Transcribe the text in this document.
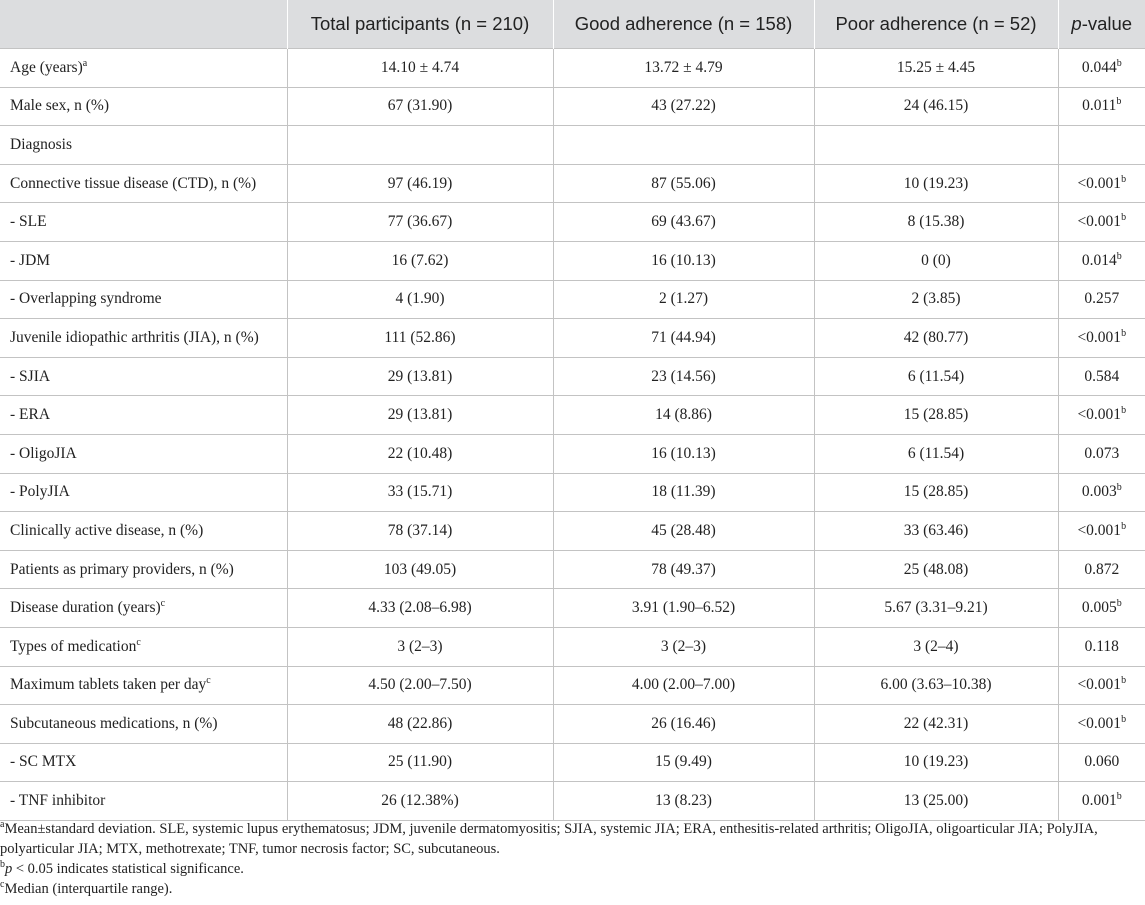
	Total participants (n = 210)	Good adherence (n = 158)	Poor adherence (n = 52)	p-value
Age (years)$^a$	14.10 ± 4.74	13.72 ± 4.79	15.25 ± 4.45	0.044$^b$
Male sex, n (%)	67 (31.90)	43 (27.22)	24 (46.15)	0.011$^b$
Diagnosis				
Connective tissue disease (CTD), n (%)	97 (46.19)	87 (55.06)	10 (19.23)	<0.001$^b$
- SLE	77 (36.67)	69 (43.67)	8 (15.38)	<0.001$^b$
- JDM	16 (7.62)	16 (10.13)	0 (0)	0.014$^b$
- Overlapping syndrome	4 (1.90)	2 (1.27)	2 (3.85)	0.257
Juvenile idiopathic arthritis (JIA), n (%)	111 (52.86)	71 (44.94)	42 (80.77)	<0.001$^b$
- SJIA	29 (13.81)	23 (14.56)	6 (11.54)	0.584
- ERA	29 (13.81)	14 (8.86)	15 (28.85)	<0.001$^b$
- OligoJIA	22 (10.48)	16 (10.13)	6 (11.54)	0.073
- PolyJIA	33 (15.71)	18 (11.39)	15 (28.85)	0.003$^b$
Clinically active disease, n (%)	78 (37.14)	45 (28.48)	33 (63.46)	<0.001$^b$
Patients as primary providers, n (%)	103 (49.05)	78 (49.37)	25 (48.08)	0.872
Disease duration (years)$^c$	4.33 (2.08–6.98)	3.91 (1.90–6.52)	5.67 (3.31–9.21)	0.005$^b$
Types of medication$^c$	3 (2–3)	3 (2–3)	3 (2–4)	0.118
Maximum tablets taken per day$^c$	4.50 (2.00–7.50)	4.00 (2.00–7.00)	6.00 (3.63–10.38)	<0.001$^b$
Subcutaneous medications, n (%)	48 (22.86)	26 (16.46)	22 (42.31)	<0.001$^b$
- SC MTX	25 (11.90)	15 (9.49)	10 (19.23)	0.060
- TNF inhibitor	26 (12.38%)	13 (8.23)	13 (25.00)	0.001$^b$

$^a$Mean±standard deviation. SLE, systemic lupus erythematosus; JDM, juvenile dermatomyositis; SJIA, systemic JIA; ERA, enthesitis-related arthritis; OligoJIA, oligoarticular JIA; PolyJIA, polyarticular JIA; MTX, methotrexate; TNF, tumor necrosis factor; SC, subcutaneous.

$^b$p < 0.05 indicates statistical significance.

$^c$Median (interquartile range).
